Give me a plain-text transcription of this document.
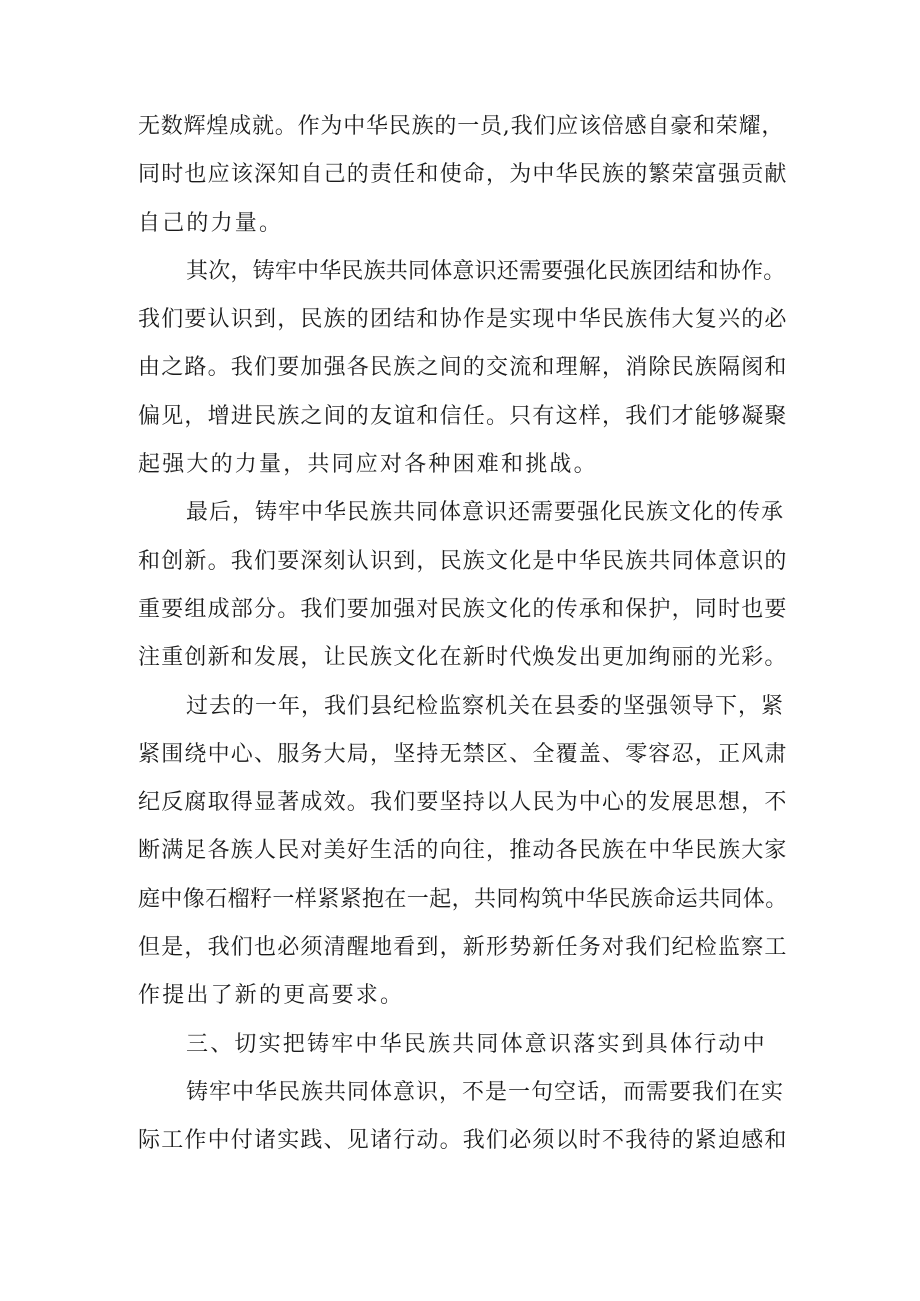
无数辉煌成就。作为中华民族的一员,我们应该倍感自豪和荣耀，
同时也应该深知自己的责任和使命，为中华民族的繁荣富强贡献
自己的力量。
其次，铸牢中华民族共同体意识还需要强化民族团结和协作。
我们要认识到，民族的团结和协作是实现中华民族伟大复兴的必
由之路。我们要加强各民族之间的交流和理解，消除民族隔阂和
偏见，增进民族之间的友谊和信任。只有这样，我们才能够凝聚
起强大的力量，共同应对各种困难和挑战。
最后，铸牢中华民族共同体意识还需要强化民族文化的传承
和创新。我们要深刻认识到，民族文化是中华民族共同体意识的
重要组成部分。我们要加强对民族文化的传承和保护，同时也要
注重创新和发展，让民族文化在新时代焕发出更加绚丽的光彩。
过去的一年，我们县纪检监察机关在县委的坚强领导下，紧
紧围绕中心、服务大局，坚持无禁区、全覆盖、零容忍，正风肃
纪反腐取得显著成效。我们要坚持以人民为中心的发展思想，不
断满足各族人民对美好生活的向往，推动各民族在中华民族大家
庭中像石榴籽一样紧紧抱在一起，共同构筑中华民族命运共同体。
但是，我们也必须清醒地看到，新形势新任务对我们纪检监察工
作提出了新的更高要求。
三、切实把铸牢中华民族共同体意识落实到具体行动中
铸牢中华民族共同体意识，不是一句空话，而需要我们在实
际工作中付诸实践、见诸行动。我们必须以时不我待的紧迫感和
